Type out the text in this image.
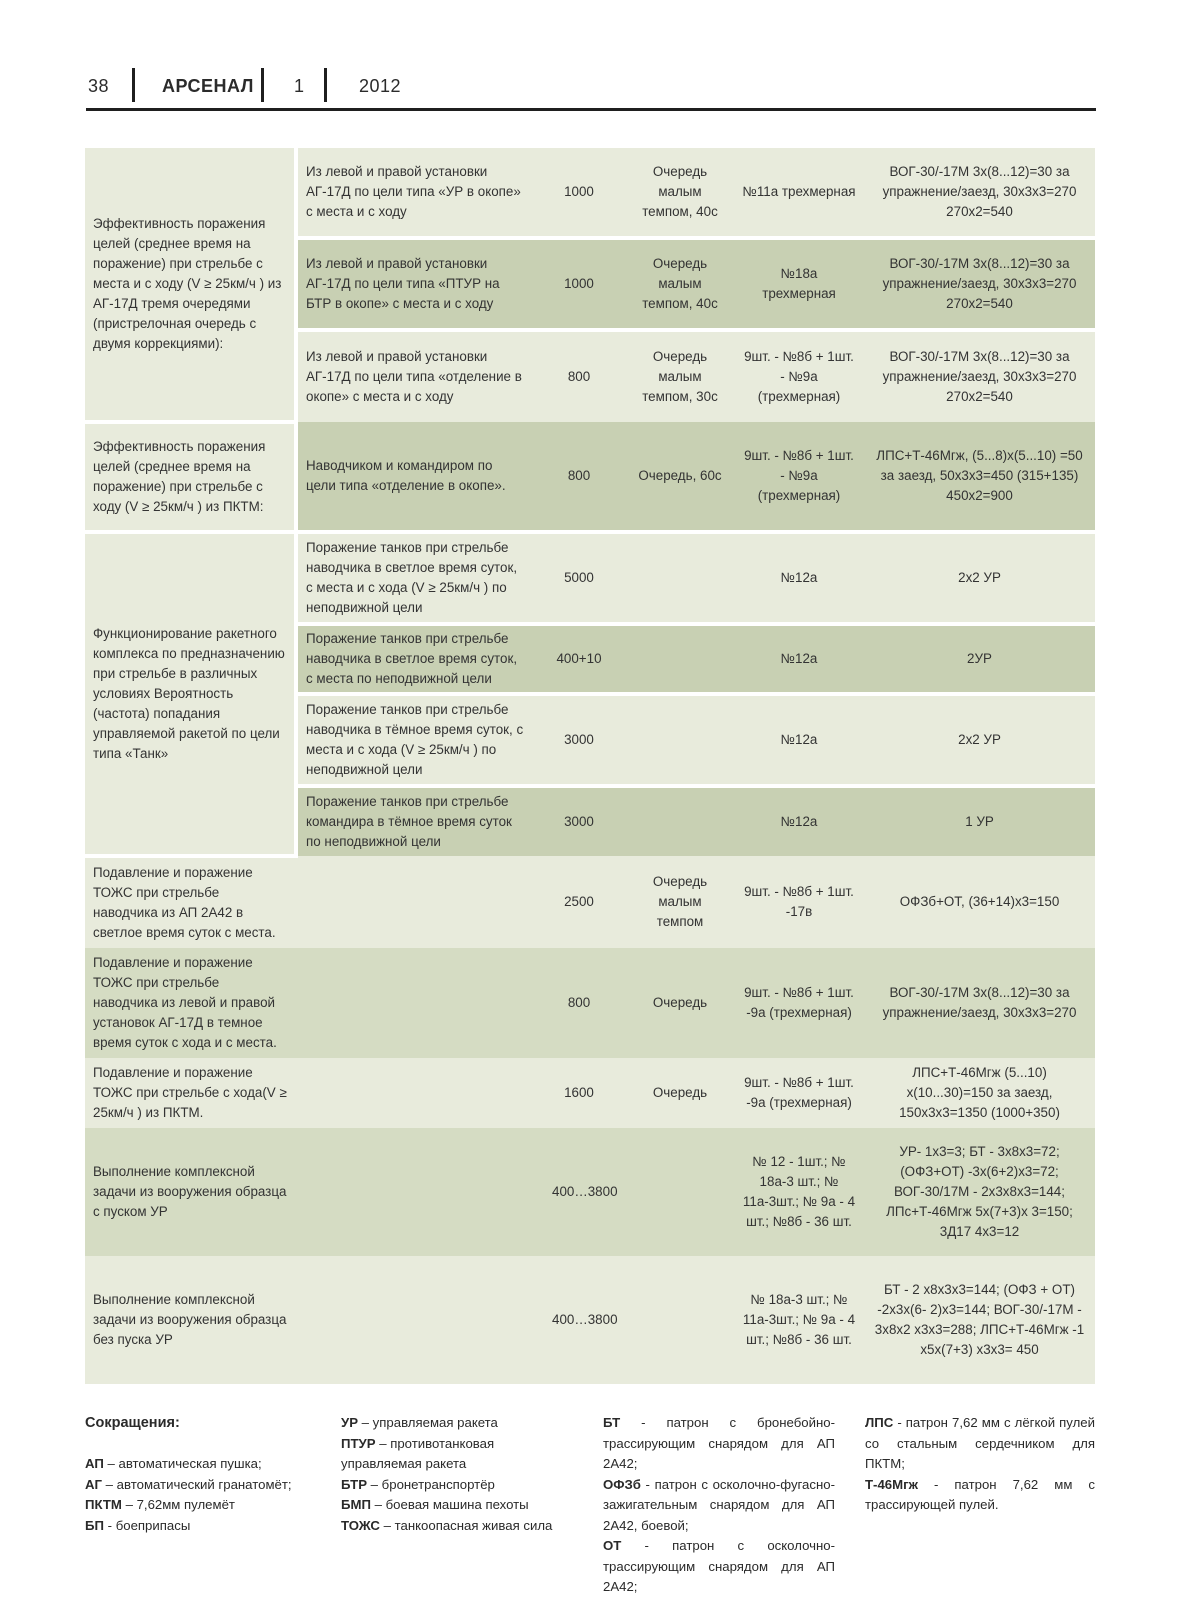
38	АРСЕНАЛ 1	2012
Эффективность поражения целей (среднее время на поражение) при стрельбе с места и с ходу (V ≥ 25км/ч ) из АГ-17Д тремя очередями (пристрелочная очередь с двумя коррекциями):	Из левой и правой установки АГ-17Д по цели типа «УР в окопе» с места и с ходу	1000	Очередь малым темпом, 40с	№11а трехмерная	ВОГ-30/-17М 3х(8...12)=30 за упражнение/заезд, 30х3х3=270 270х2=540
	Из левой и правой установки АГ-17Д по цели типа «ПТУР на БТР в окопе» с места и с ходу	1000	Очередь малым темпом, 40с	№18а трехмерная	ВОГ-30/-17М 3х(8...12)=30 за упражнение/заезд, 30х3х3=270 270х2=540
	Из левой и правой установки АГ-17Д по цели типа «отделение в окопе» с места и с ходу	800	Очередь малым темпом, 30с	9шт. - №8б + 1шт. - №9а (трехмерная)	ВОГ-30/-17М 3х(8...12)=30 за упражнение/заезд, 30х3х3=270 270х2=540
Эффективность поражения целей (среднее время на поражение) при стрельбе с ходу (V ≥ 25км/ч ) из ПКТМ:	Наводчиком и командиром по цели типа «отделение в окопе».	800	Очередь, 60с	9шт. - №8б + 1шт. - №9а (трехмерная)	ЛПС+Т-46Мгж, (5...8)х(5...10) =50 за заезд, 50х3х3=450 (315+135) 450х2=900
Функционирование ракетного комплекса по предназначению при стрельбе в различных условиях Вероятность (частота) попадания управляемой ракетой по цели типа «Танк»	Поражение танков при стрельбе наводчика в светлое время суток, с места и с хода (V ≥ 25км/ч ) по неподвижной цели	5000		№12а	2х2 УР
	Поражение танков при стрельбе наводчика в светлое время суток, с места по неподвижной цели	400+10		№12а	2УР
	Поражение танков при стрельбе наводчика в тёмное время суток, с места и с хода (V ≥ 25км/ч ) по неподвижной цели	3000		№12а	2х2 УР
	Поражение танков при стрельбе командира в тёмное время суток по неподвижной цели	3000		№12а	1 УР
Подавление и поражение ТОЖС при стрельбе наводчика из АП 2А42 в светлое время суток с места.		2500	Очередь малым темпом	9шт. - №8б + 1шт. -17в	ОФЗб+ОТ, (36+14)х3=150
Подавление и поражение ТОЖС при стрельбе наводчика из левой и правой установок АГ-17Д в темное время суток с хода и с места.		800	Очередь	9шт. - №8б + 1шт. -9а (трехмерная)	ВОГ-30/-17М 3х(8...12)=30 за упражнение/заезд, 30х3х3=270
Подавление и поражение ТОЖС при стрельбе с хода(V ≥ 25км/ч ) из ПКТМ.		1600	Очередь	9шт. - №8б + 1шт. -9а (трехмерная)	ЛПС+Т-46Мгж (5...10) х(10...30)=150 за заезд, 150х3х3=1350 (1000+350)
Выполнение комплексной задачи из вооружения образца с пуском УР		400…3800		№ 12 - 1шт.; № 18а-3 шт.; № 11а-3шт.; № 9а - 4 шт.; №8б - 36 шт.	УР- 1х3=3; БТ - 3х8х3=72; (ОФЗ+ОТ) -3х(6+2)х3=72; ВОГ-30/17М - 2х3х8х3=144; ЛПс+Т-46Мгж 5х(7+3)х 3=150; 3Д17 4х3=12
Выполнение комплексной задачи из вооружения образца без пуска УР		400…3800		№ 18а-3 шт.; № 11а-3шт.; № 9а - 4 шт.; №8б - 36 шт.	БТ - 2 х8х3х3=144; (ОФЗ + ОТ) -2х3х(6- 2)х3=144; ВОГ-30/-17М - 3х8х2 х3х3=288; ЛПС+Т-46Мгж -1 х5х(7+3) х3х3= 450

Сокращения:

АП – автоматическая пушка;

АГ – автоматический гранатомёт;

ПКТМ – 7,62мм пулемёт

БП - боеприпасы

УР – управляемая ракета

ПТУР – противотанковая управляемая ракета

БТР – бронетранспортёр

БМП – боевая машина пехоты

ТОЖС – танкоопасная живая сила

БТ - патрон с бронебойно-трассирующим снарядом для АП 2А42;

ОФЗб - патрон с осколочно-фугасно-зажигательным снарядом для АП 2А42, боевой;

ОТ - патрон с осколочно-трассирующим снарядом для АП 2А42;

ЛПС - патрон 7,62 мм с лёгкой пулей со стальным сердечником для ПКТМ;

Т-46Мгж - патрон 7,62 мм с трассирующей пулей.
